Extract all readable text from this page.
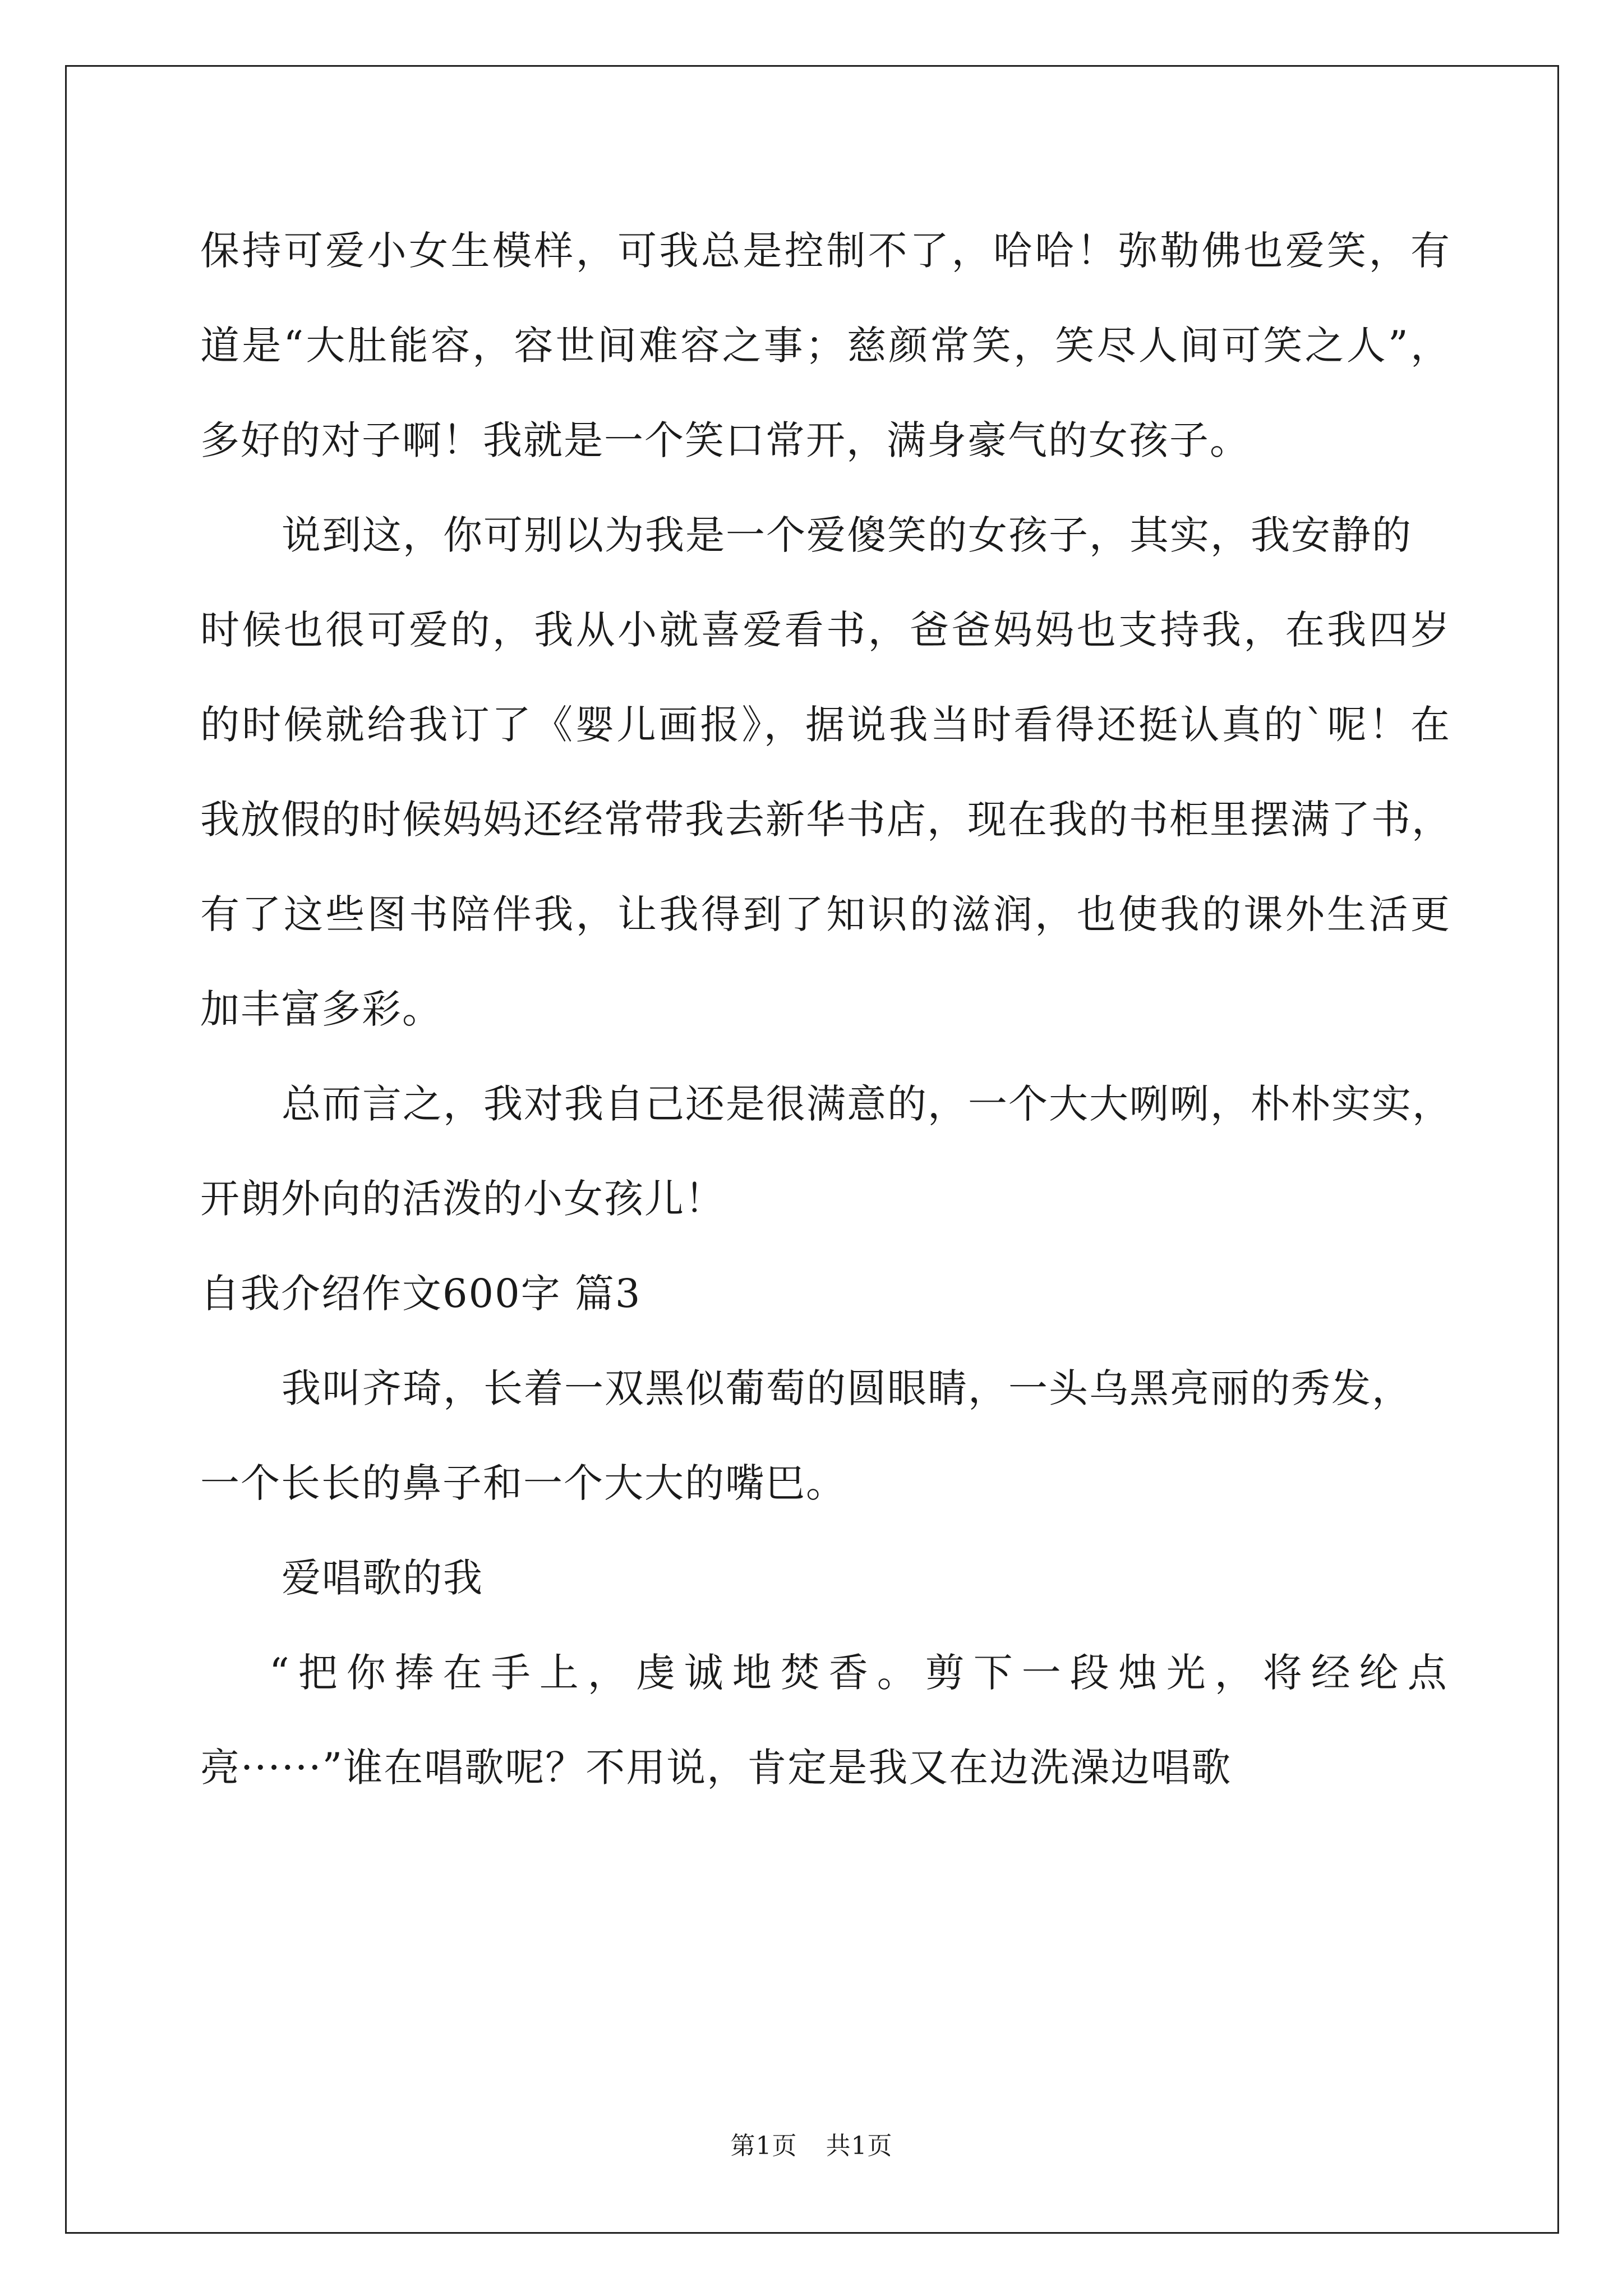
保持可爱小女生模样，可我总是控制不了，哈哈！弥勒佛也爱笑，有
道是“大肚能容，容世间难容之事；慈颜常笑，笑尽人间可笑之人”，
多好的对子啊！我就是一个笑口常开，满身豪气的女孩子。
说到这，你可别以为我是一个爱傻笑的女孩子，其实，我安静的
时候也很可爱的，我从小就喜爱看书，爸爸妈妈也支持我，在我四岁
的时候就给我订了《婴儿画报》，据说我当时看得还挺认真的`呢！在
我放假的时候妈妈还经常带我去新华书店，现在我的书柜里摆满了书，
有了这些图书陪伴我，让我得到了知识的滋润，也使我的课外生活更
加丰富多彩。
总而言之，我对我自己还是很满意的，一个大大咧咧，朴朴实实，
开朗外向的活泼的小女孩儿！
自我介绍作文600字 篇3
我叫齐琦，长着一双黑似葡萄的圆眼睛，一头乌黑亮丽的秀发，
一个长长的鼻子和一个大大的嘴巴。
爱唱歌的我
“把你捧在手上，虔诚地焚香。剪下一段烛光，将经纶点
亮······”谁在唱歌呢？不用说，肯定是我又在边洗澡边唱歌
第1页 共1页
